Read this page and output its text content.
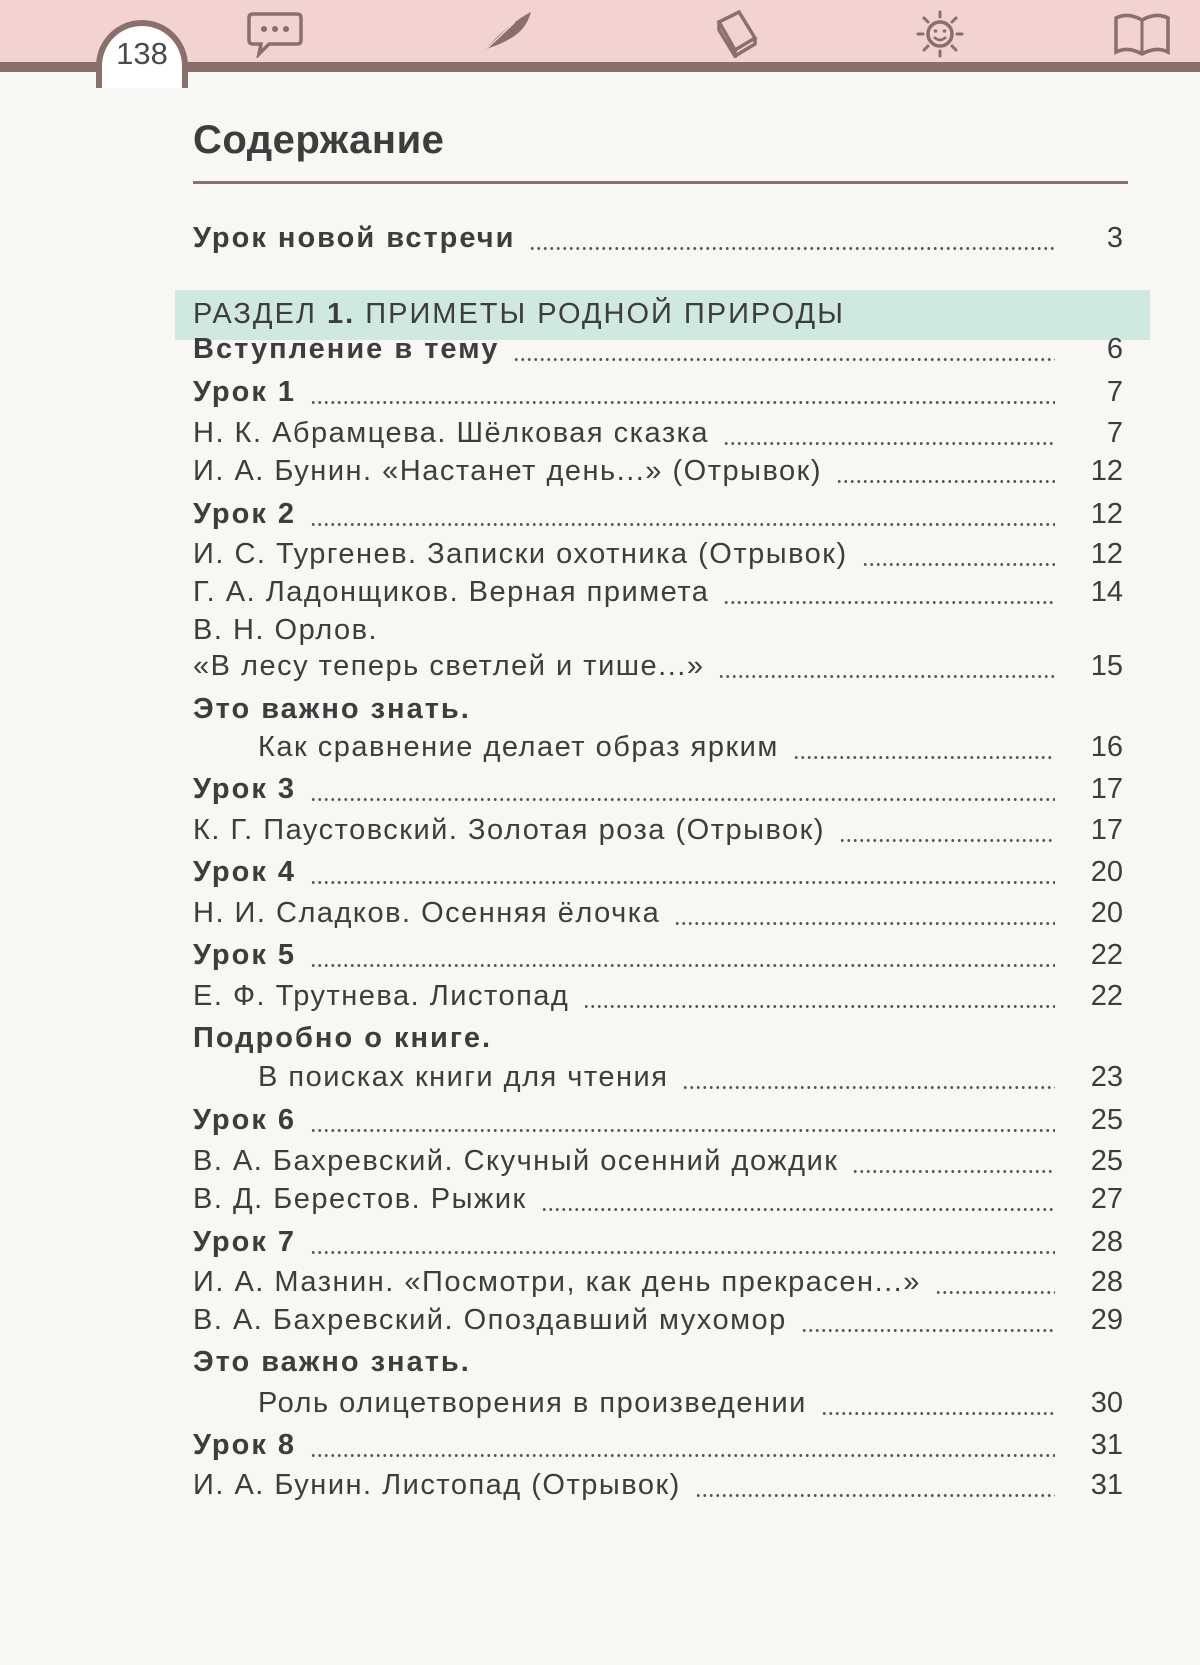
138
Содержание
РАЗДЕЛ 1. ПРИМЕТЫ РОДНОЙ ПРИРОДЫ
Урок новой встречи	3
Вступление в тему	6
Урок 1	7
Н. К. Абрамцева. Шёлковая сказка	7
И. А. Бунин. «Настанет день...» (Отрывок)	12
Урок 2	12
И. С. Тургенев. Записки охотника (Отрывок)	12
Г. А. Ладонщиков. Верная примета	14
В. Н. Орлов.
«В лесу теперь светлей и тише...»	15
Это важно знать.
Как сравнение делает образ ярким	16
Урок 3	17
К. Г. Паустовский. Золотая роза (Отрывок)	17
Урок 4	20
Н. И. Сладков. Осенняя ёлочка	20
Урок 5	22
Е. Ф. Трутнева. Листопад	22
Подробно о книге.
В поисках книги для чтения	23
Урок 6	25
В. А. Бахревский. Скучный осенний дождик	25
В. Д. Берестов. Рыжик	27
Урок 7	28
И. А. Мазнин. «Посмотри, как день прекрасен...»	28
В. А. Бахревский. Опоздавший мухомор	29
Это важно знать.
Роль олицетворения в произведении	30
Урок 8	31
И. А. Бунин. Листопад (Отрывок)	31
